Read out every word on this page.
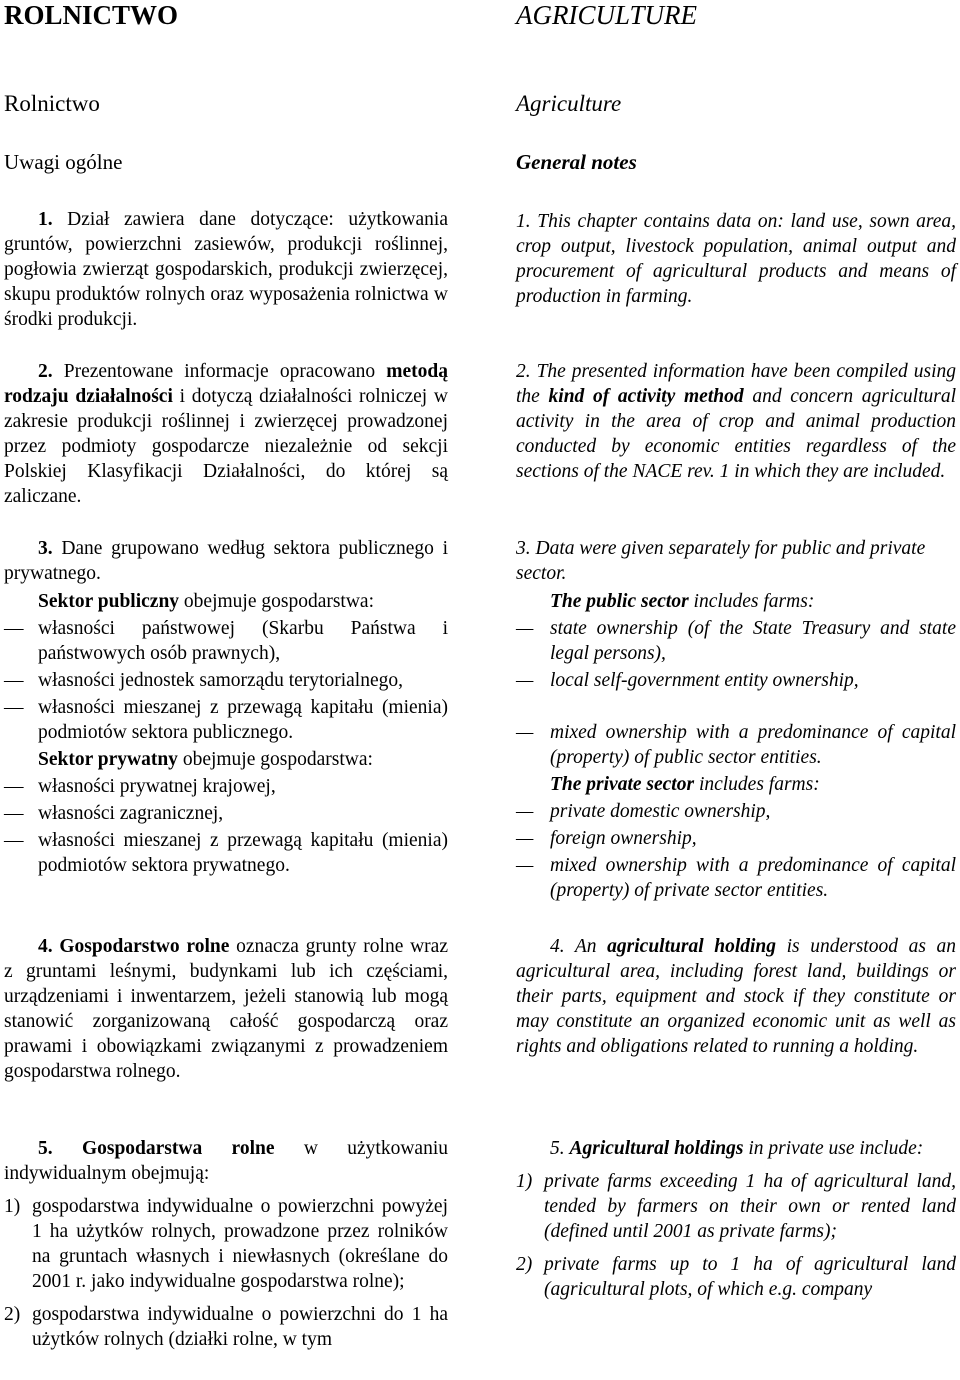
ROLNICTWO
Rolnictwo
Uwagi ogólne

1. Dział zawiera dane dotyczące: użytkowania gruntów, powierzchni zasiewów, produkcji roślinnej, pogłowia zwierząt gospodarskich, produkcji zwierzęcej, skupu produktów rolnych oraz wyposażenia rolnictwa w środki produkcji.

2. Prezentowane informacje opracowano metodą rodzaju działalności i dotyczą działalności rolniczej w zakresie produkcji roślinnej i zwierzęcej prowadzonej przez podmioty gospodarcze niezależnie od sekcji Polskiej Klasyfikacji Działalności, do której są zaliczane.

3. Dane grupowano według sektora publicznego i prywatnego.

Sektor publiczny obejmuje gospodarstwa:

— własności państwowej (Skarbu Państwa i państwowych osób prawnych),

— własności jednostek samorządu terytorialnego,

— własności mieszanej z przewagą kapitału (mienia) podmiotów sektora publicznego.

Sektor prywatny obejmuje gospodarstwa:

— własności prywatnej krajowej,

— własności zagranicznej,

— własności mieszanej z przewagą kapitału (mienia) podmiotów sektora prywatnego.

4. Gospodarstwo rolne oznacza grunty rolne wraz z gruntami leśnymi, budynkami lub ich częściami, urządzeniami i inwentarzem, jeżeli stanowią lub mogą stanowić zorganizowaną całość gospodarczą oraz prawami i obowiązkami związanymi z prowadzeniem gospodarstwa rolnego.

5. Gospodarstwa rolne w użytkowaniu indywidualnym obejmują:

1) gospodarstwa indywidualne o powierzchni powyżej 1 ha użytków rolnych, prowadzone przez rolników na gruntach własnych i niewłasnych (określane do 2001 r. jako indywidualne gospodarstwa rolne);

2) gospodarstwa indywidualne o powierzchni do 1 ha użytków rolnych (działki rolne, w tym

AGRICULTURE
Agriculture
General notes

1. This chapter contains data on: land use, sown area, crop output, livestock population, animal output and procurement of agricultural products and means of production in farming.

2. The presented information have been compiled using the kind of activity method and concern agricultural activity in the area of crop and animal production conducted by economic entities regardless of the sections of the NACE rev. 1 in which they are included.

3. Data were given separately for public and private sector.

The public sector includes farms:

— state ownership (of the State Treasury and state legal persons),

— local self-government entity ownership,

— mixed ownership with a predominance of capital (property) of public sector entities.

The private sector includes farms:

— private domestic ownership,

— foreign ownership,

— mixed ownership with a predominance of capital (property) of private sector entities.

4. An agricultural holding is understood as an agricultural area, including forest land, buildings or their parts, equipment and stock if they constitute or may constitute an organized economic unit as well as rights and obligations related to running a holding.

5. Agricultural holdings in private use include:

1) private farms exceeding 1 ha of agricultural land, tended by farmers on their own or rented land (defined until 2001 as private farms);

2) private farms up to 1 ha of agricultural land (agricultural plots, of which e.g. company
